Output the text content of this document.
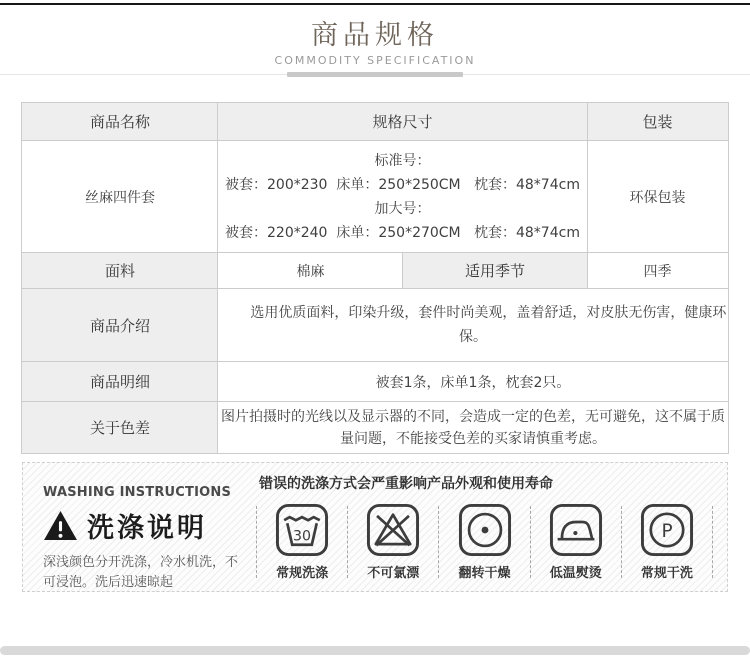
商品规格
COMMODITY SPECIFICATION
商品名称	规格尺寸		包装
丝麻四件套	标准号：
被套：200*230  床单：250*250CM   枕套：48*74cm
加大号：
被套：220*240  床单：250*270CM   枕套：48*74cm		环保包装
面料	棉麻	适用季节	四季
商品介绍	选用优质面料，印染升级，套件时尚美观，盖着舒适，对皮肤无伤害，健康环保。		

商品明细	被套1条，床单1条，枕套2只。		
关于色差	图片拍摄时的光线以及显示器的不同，会造成一定的色差，无可避免，这不属于质量问题，不能接受色差的买家请慎重考虑。		

WASHING INSTRUCTIONS
洗涤说明
深浅颜色分开洗涤，冷水机洗，不可浸泡。洗后迅速晾起
错误的洗涤方式会严重影响产品外观和使用寿命
30
常规洗涤	不可氯漂	翻转干燥	低温熨烫
P
常规干洗
